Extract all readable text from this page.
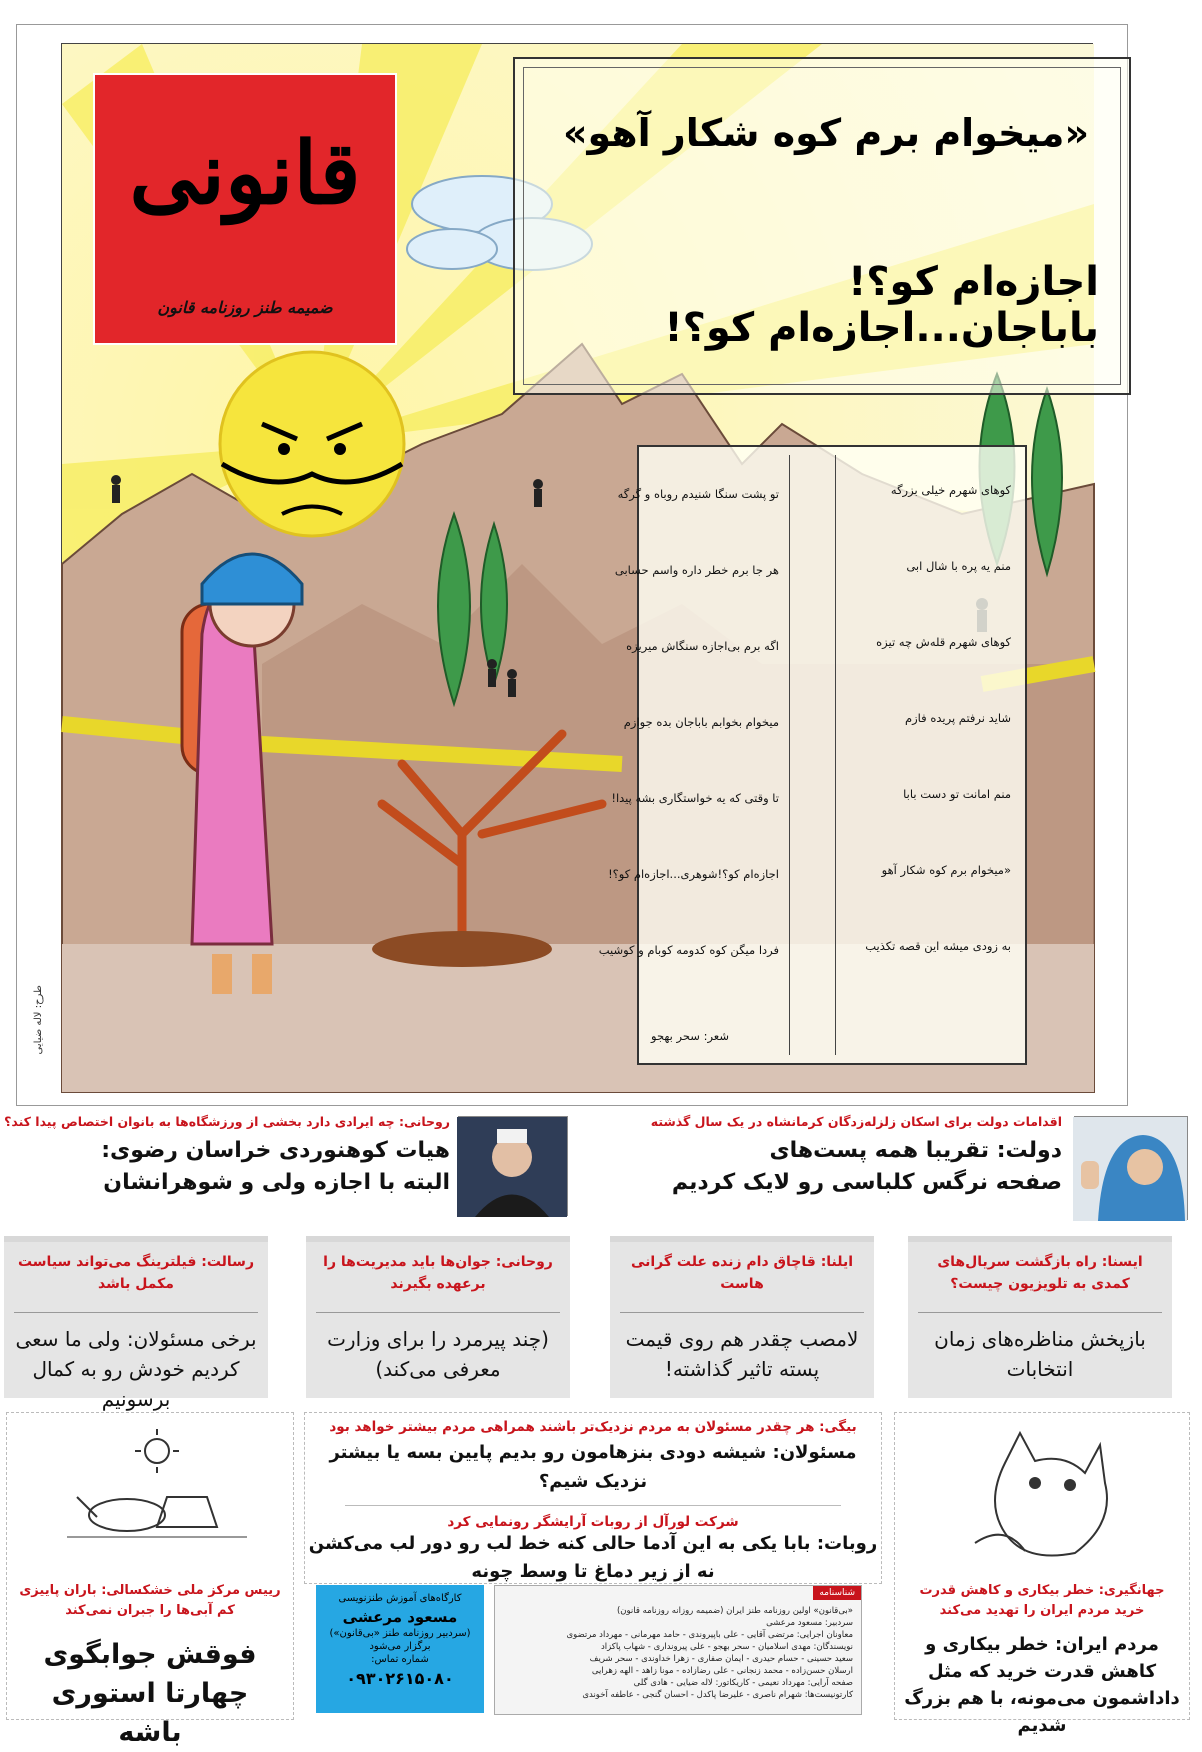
قانونی
ضمیمه طنز روزنامه قانون
«میخوام برم کوه شکار آهو»
اجازه‌ام کو؟! باباجان...اجازه‌ام کو؟!
کوهای شهرم خیلی بزرگه
منم یه پره با شال ابی
کوهای شهرم قله‌ش چه تیزه
شاید نرفتم پریده فازم
منم امانت تو دست بابا
«میخوام برم کوه شکار آهو
به زودی میشه این قصه تکذیب
تو پشت سنگا شنیدم روباه و گرگه
هر جا برم خطر داره واسم حسابی
اگه برم بی‌اجازه سنگاش میریزه
میخوام بخوابم باباجان بده جوازم
تا وقتی که یه خواستگاری بشه پیدا!
اجازه‌ام کو؟!شوهری...اجازه‌ام کو؟!
فردا میگن کوه کدومه کوبام و کوشیب
شعر: سحر بهجو
طرح: لاله ضیایی
روحانی: چه ایرادی دارد بخشی از ورزشگاه‌ها به بانوان اختصاص پیدا کند؟
هیات کوهنوردی خراسان رضوی:
البته با اجازه ولی و شوهرانشان
اقدامات دولت برای اسکان زلزله‌زدگان کرمانشاه در یک سال گذشته
دولت: تقریبا همه پست‌های
صفحه نرگس کلباسی رو لایک کردیم
ایسنا: راه بازگشت سریال‌های کمدی به تلویزیون چیست؟
بازپخش مناظره‌های زمان انتخابات
ایلنا: قاچاق دام زنده علت گرانی هاست
لامصب چقدر هم روی قیمت پسته تاثیر گذاشته!
روحانی: جوان‌ها باید مدیریت‌ها را برعهده بگیرند
(چند پیرمرد را برای وزارت معرفی می‌کند)
رسالت: فیلترینگ می‌تواند سیاست مکمل باشد
برخی مسئولان: ولی ما سعی کردیم خودش رو به کمال برسونیم
رییس مرکز ملی خشکسالی: باران پاییزی کم آبی‌ها را جبران نمی‌کند
فوقش جوابگوی چهارتا استوری باشه
بیگی: هر چقدر مسئولان به مردم نزدیک‌تر باشند همراهی مردم بیشتر خواهد بود
مسئولان: شیشه دودی بنزهامون رو بدیم پایین بسه یا بیشتر نزدیک شیم؟
شرکت لورآل از روبات آرایشگر رونمایی کرد
روبات: بابا یکی به این آدما حالی کنه خط لب رو دور لب می‌کشن
نه از زیر دماغ تا وسط چونه
کارگاه‌های آموزش طنزنویسی
مسعود مرعشی
(سردبیر روزنامه طنز «بی‌قانون»)
برگزار می‌شود
شماره تماس:
۰۹۳۰۲۶۱۵۰۸۰
شناسنامه
«بی‌قانون» اولین روزنامه طنز ایران (ضمیمه روزانه روزنامه قانون)
سردبیر: مسعود مرعشی
معاونان اجرایی: مرتضی آقایی - علی باپیروندی - حامد مهرمانی - مهرداد مرتضوی
نویسندگان: مهدی اسلامیان - سحر بهجو - علی پیرونداری - شهاب پاکزاد
سعید حسینی - حسام حیدری - ایمان صفاری - زهرا خداوندی - سحر شریف
ارسلان حسن‌زاده - محمد زنجانی - علی رضازاده - مونا زاهد - الهه زهرایی
صفحه آرایی: مهرداد نعیمی - کاریکاتور: لاله ضیایی - هادی گلی
کارتونیست‌ها: شهرام ناصری - علیرضا پاکدل - احسان گنجی - عاطفه آخوندی
جهانگیری: خطر بیکاری و کاهش قدرت خرید مردم ایران را تهدید می‌کند
مردم ایران: خطر بیکاری و کاهش قدرت خرید که مثل داداشمون می‌مونه، با هم بزرگ شدیم
